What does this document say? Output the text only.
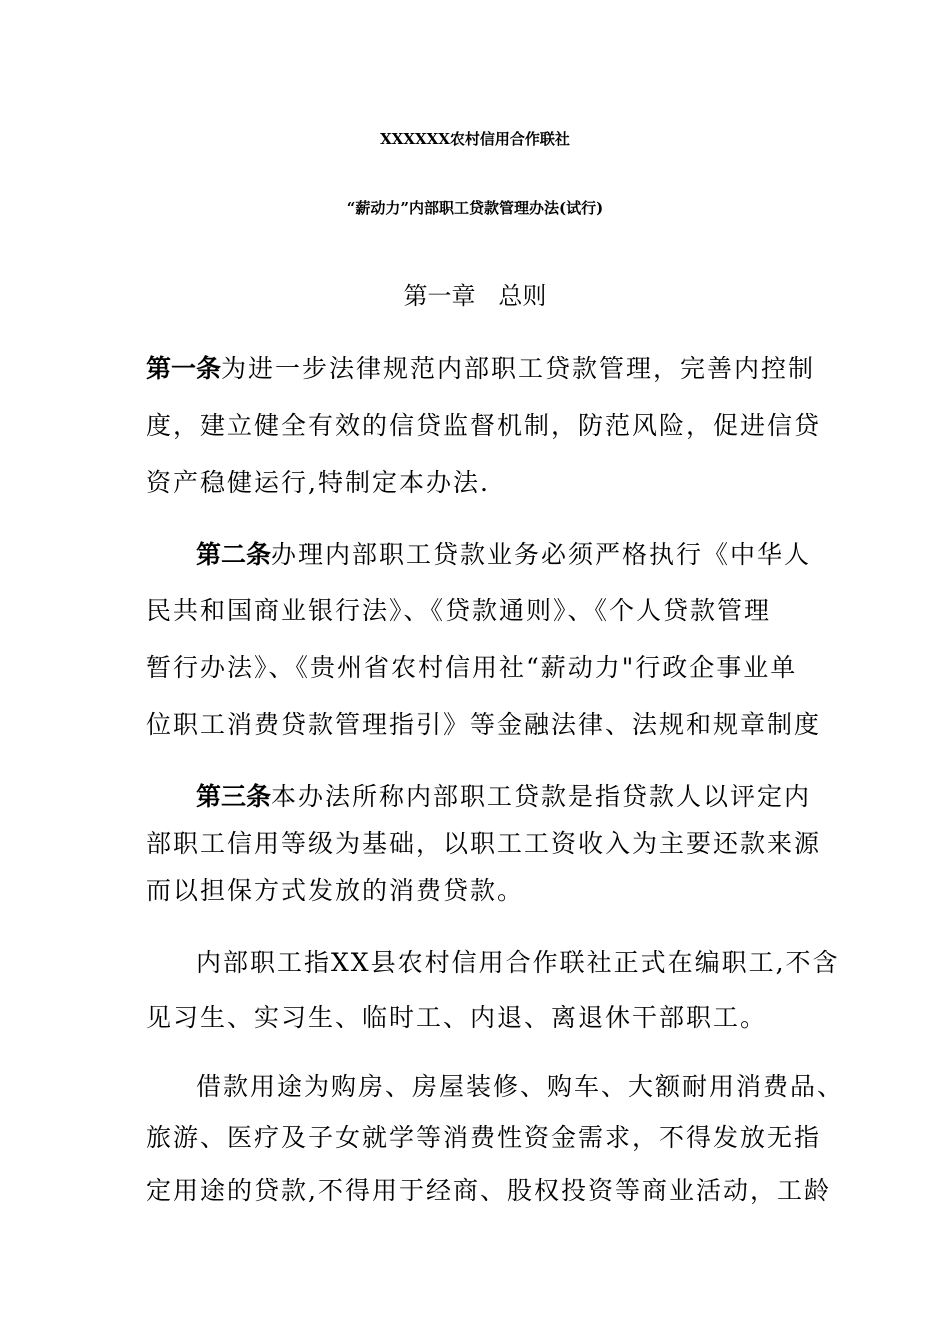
XXXXXX农村信用合作联社
“薪动力”内部职工贷款管理办法(试行)
第一章   总则
第一条为进一步法律规范内部职工贷款管理，完善内控制
度，建立健全有效的信贷监督机制，防范风险，促进信贷
资产稳健运行,特制定本办法.
第二条办理内部职工贷款业务必须严格执行《中华人
民共和国商业银行法》、《贷款通则》、《个人贷款管理
暂行办法》、《贵州省农村信用社“薪动力"行政企事业单
位职工消费贷款管理指引》等金融法律、法规和规章制度
第三条本办法所称内部职工贷款是指贷款人以评定内
部职工信用等级为基础，以职工工资收入为主要还款来源
而以担保方式发放的消费贷款。
内部职工指XX县农村信用合作联社正式在编职工,不含
见习生、实习生、临时工、内退、离退休干部职工。
借款用途为购房、房屋装修、购车、大额耐用消费品、
旅游、医疗及子女就学等消费性资金需求，不得发放无指
定用途的贷款,不得用于经商、股权投资等商业活动，工龄
